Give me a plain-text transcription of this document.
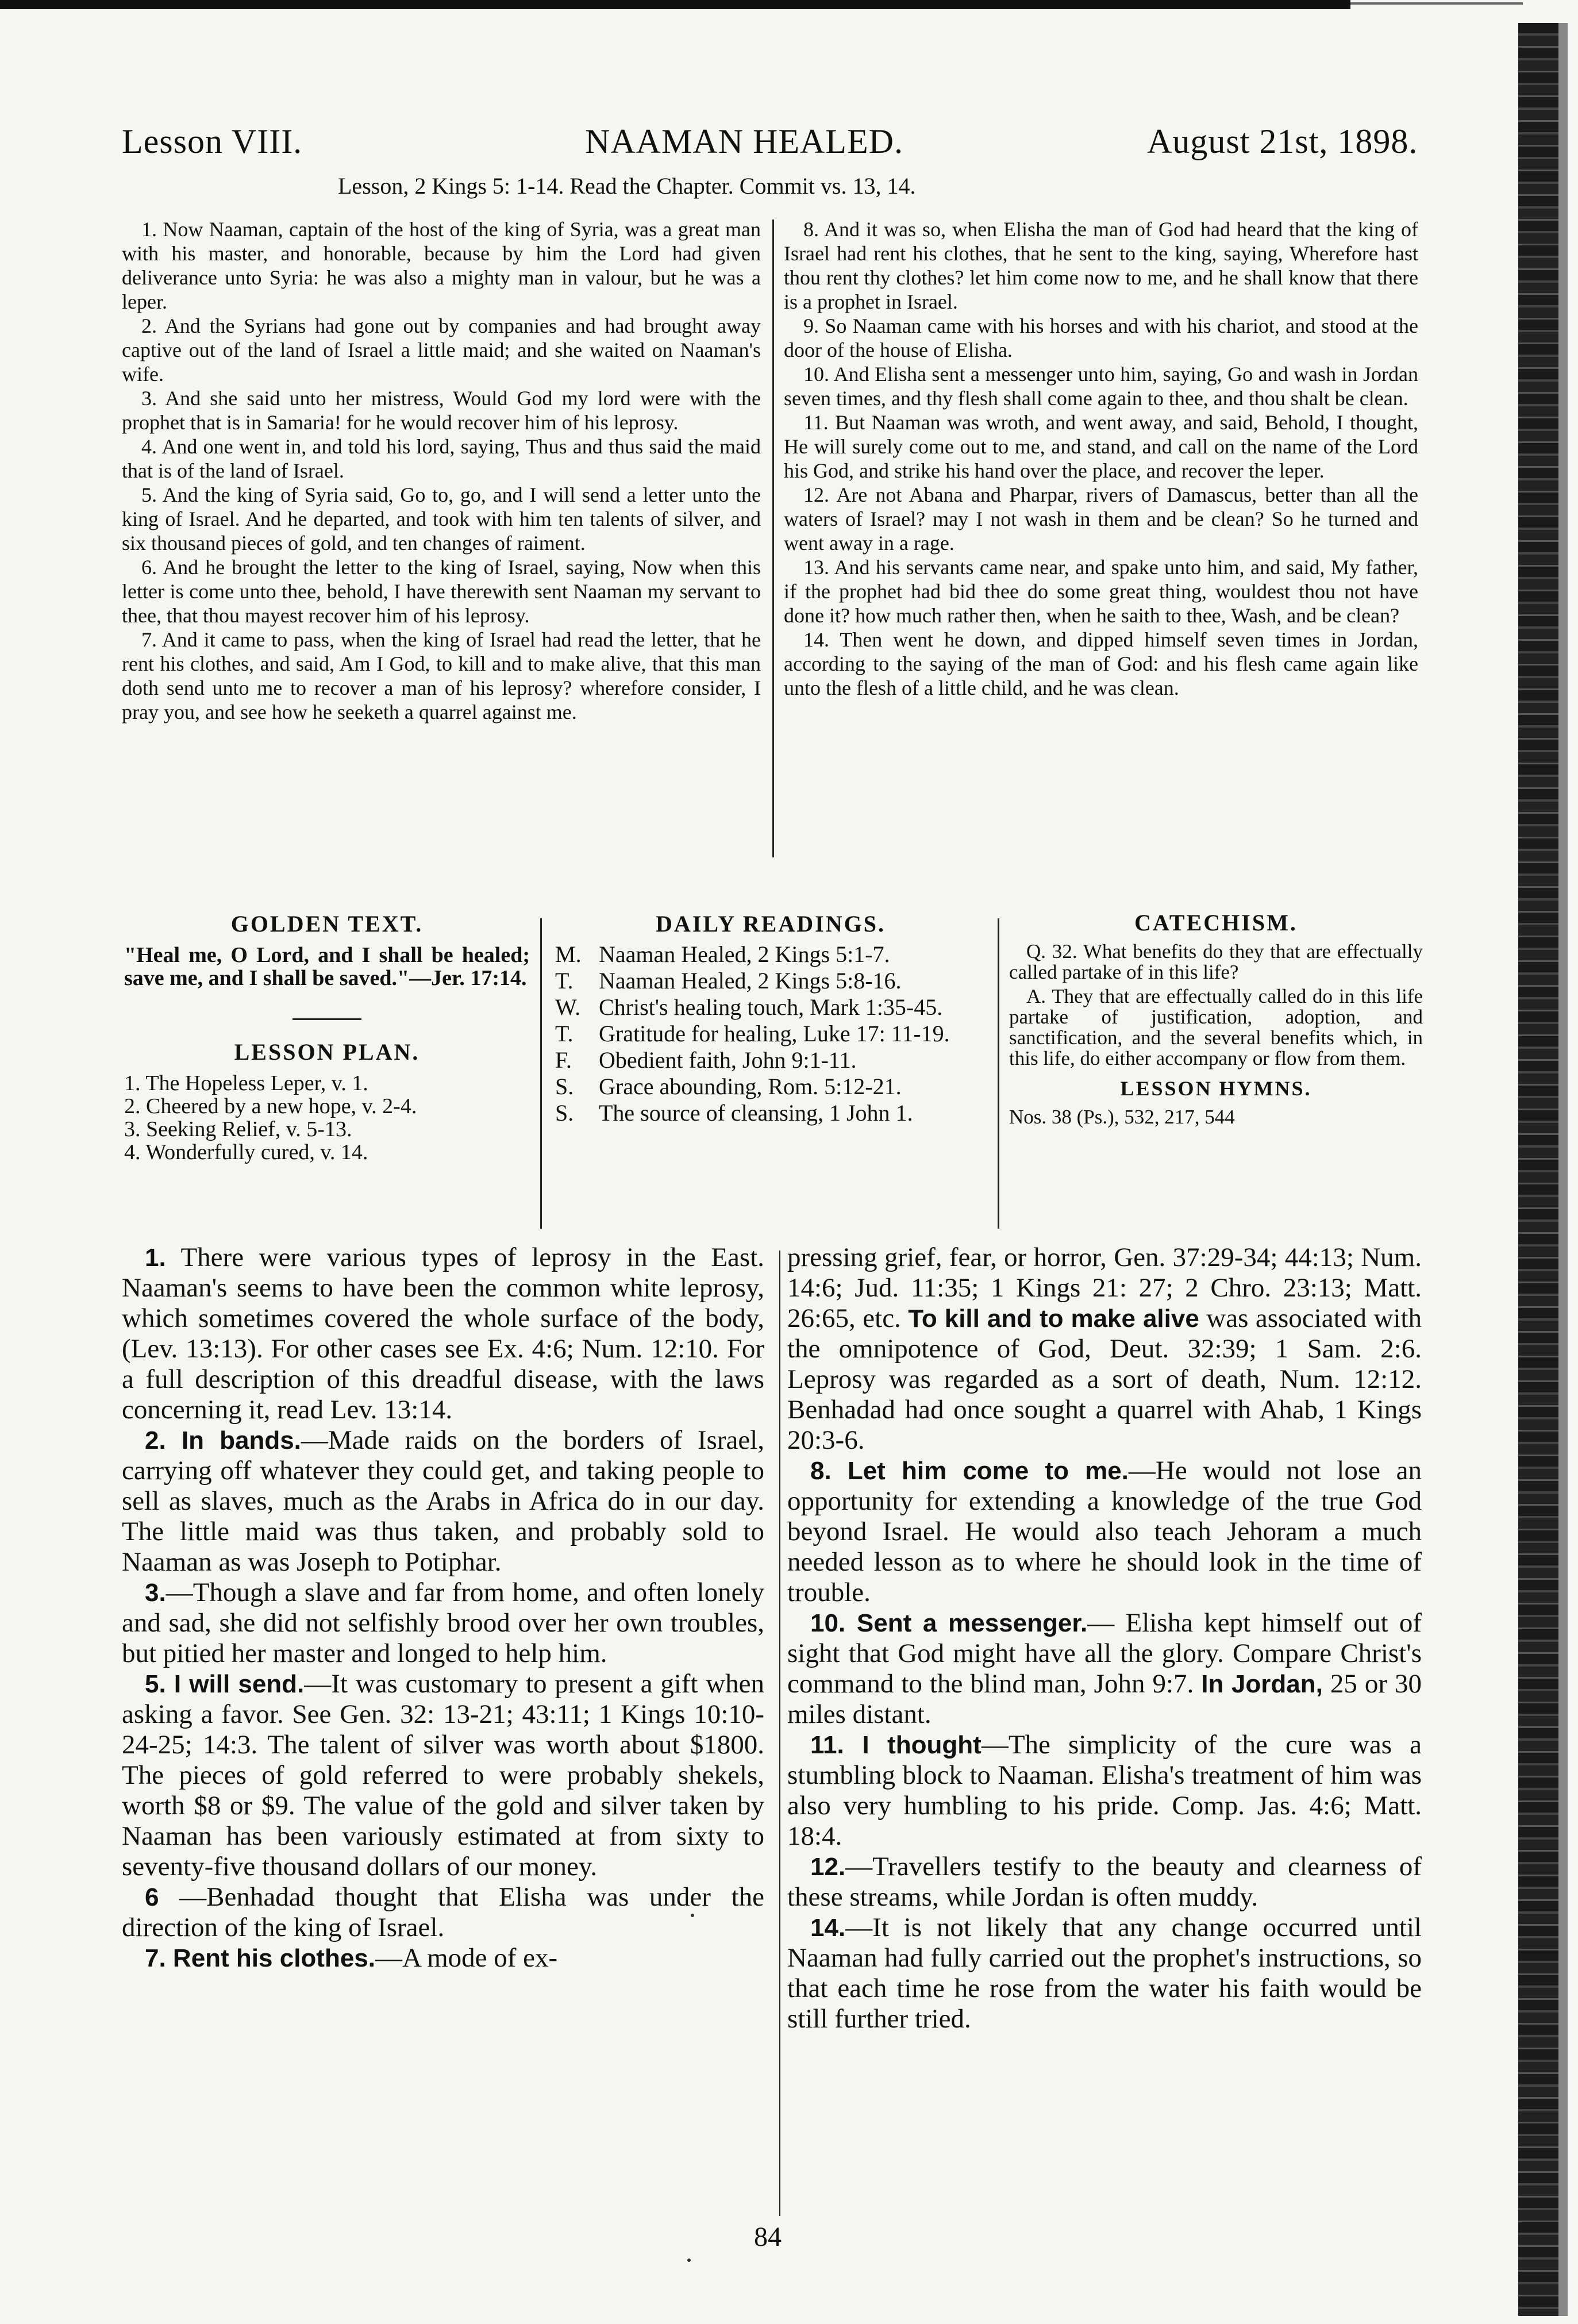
Lesson VIII.	NAAMAN HEALED.	August 21st, 1898.
Lesson, 2 Kings 5: 1-14. Read the Chapter. Commit vs. 13, 14.

1. Now Naaman, captain of the host of the king of Syria, was a great man with his master, and honorable, because by him the Lord had given deliverance unto Syria: he was also a mighty man in valour, but he was a leper.

2. And the Syrians had gone out by companies and had brought away captive out of the land of Israel a little maid; and she waited on Naaman's wife.

3. And she said unto her mistress, Would God my lord were with the prophet that is in Samaria! for he would recover him of his leprosy.

4. And one went in, and told his lord, saying, Thus and thus said the maid that is of the land of Israel.

5. And the king of Syria said, Go to, go, and I will send a letter unto the king of Israel. And he departed, and took with him ten talents of silver, and six thousand pieces of gold, and ten changes of raiment.

6. And he brought the letter to the king of Israel, saying, Now when this letter is come unto thee, behold, I have therewith sent Naaman my servant to thee, that thou mayest recover him of his leprosy.

7. And it came to pass, when the king of Israel had read the letter, that he rent his clothes, and said, Am I God, to kill and to make alive, that this man doth send unto me to recover a man of his leprosy? wherefore consider, I pray you, and see how he seeketh a quarrel against me.

8. And it was so, when Elisha the man of God had heard that the king of Israel had rent his clothes, that he sent to the king, saying, Wherefore hast thou rent thy clothes? let him come now to me, and he shall know that there is a prophet in Israel.

9. So Naaman came with his horses and with his chariot, and stood at the door of the house of Elisha.

10. And Elisha sent a messenger unto him, saying, Go and wash in Jordan seven times, and thy flesh shall come again to thee, and thou shalt be clean.

11. But Naaman was wroth, and went away, and said, Behold, I thought, He will surely come out to me, and stand, and call on the name of the Lord his God, and strike his hand over the place, and recover the leper.

12. Are not Abana and Pharpar, rivers of Damascus, better than all the waters of Israel? may I not wash in them and be clean? So he turned and went away in a rage.

13. And his servants came near, and spake unto him, and said, My father, if the prophet had bid thee do some great thing, wouldest thou not have done it? how much rather then, when he saith to thee, Wash, and be clean?

14. Then went he down, and dipped himself seven times in Jordan, according to the saying of the man of God: and his flesh came again like unto the flesh of a little child, and he was clean.

GOLDEN TEXT.
"Heal me, O Lord, and I shall be healed; save me, and I shall be saved."—Jer. 17:14.
LESSON PLAN.
1. The Hopeless Leper, v. 1.
2. Cheered by a new hope, v. 2-4.
3. Seeking Relief, v. 5-13.
4. Wonderfully cured, v. 14.
DAILY READINGS.
M.	Naaman Healed, 2 Kings 5:1-7.
T.	Naaman Healed, 2 Kings 5:8-16.
W.	Christ's healing touch, Mark 1:35-45.
T.	Gratitude for healing, Luke 17: 11-19.
F.	Obedient faith, John 9:1-11.
S.	Grace abounding, Rom. 5:12-21.
S.	The source of cleansing, 1 John 1.
CATECHISM.

Q. 32. What benefits do they that are effectually called partake of in this life?

A. They that are effectually called do in this life partake of justification, adoption, and sanctification, and the several benefits which, in this life, do either accompany or flow from them.

LESSON HYMNS.

Nos. 38 (Ps.), 532, 217, 544

1. There were various types of leprosy in the East. Naaman's seems to have been the common white leprosy, which sometimes covered the whole surface of the body, (Lev. 13:13). For other cases see Ex. 4:6; Num. 12:10. For a full description of this dreadful disease, with the laws concerning it, read Lev. 13:14.

2. In bands.—Made raids on the borders of Israel, carrying off whatever they could get, and taking people to sell as slaves, much as the Arabs in Africa do in our day. The little maid was thus taken, and probably sold to Naaman as was Joseph to Potiphar.

3.—Though a slave and far from home, and often lonely and sad, she did not selfishly brood over her own troubles, but pitied her master and longed to help him.

5. I will send.—It was customary to present a gift when asking a favor. See Gen. 32: 13-21; 43:11; 1 Kings 10:10-24-25; 14:3. The talent of silver was worth about $1800. The pieces of gold referred to were probably shekels, worth $8 or $9. The value of the gold and silver taken by Naaman has been variously estimated at from sixty to seventy-five thousand dollars of our money.

6 —Benhadad thought that Elisha was under the direction of the king of Israel.

7. Rent his clothes.—A mode of ex-

pressing grief, fear, or horror, Gen. 37:29-34; 44:13; Num. 14:6; Jud. 11:35; 1 Kings 21: 27; 2 Chro. 23:13; Matt. 26:65, etc. To kill and to make alive was associated with the omnipotence of God, Deut. 32:39; 1 Sam. 2:6. Leprosy was regarded as a sort of death, Num. 12:12. Benhadad had once sought a quarrel with Ahab, 1 Kings 20:3-6.

8. Let him come to me.—He would not lose an opportunity for extending a knowledge of the true God beyond Israel. He would also teach Jehoram a much needed lesson as to where he should look in the time of trouble.

10. Sent a messenger.— Elisha kept himself out of sight that God might have all the glory. Compare Christ's command to the blind man, John 9:7. In Jordan, 25 or 30 miles distant.

11. I thought—The simplicity of the cure was a stumbling block to Naaman. Elisha's treatment of him was also very humbling to his pride. Comp. Jas. 4:6; Matt. 18:4.

12.—Travellers testify to the beauty and clearness of these streams, while Jordan is often muddy.

14.—It is not likely that any change occurred until Naaman had fully carried out the prophet's instructions, so that each time he rose from the water his faith would be still further tried.

84
